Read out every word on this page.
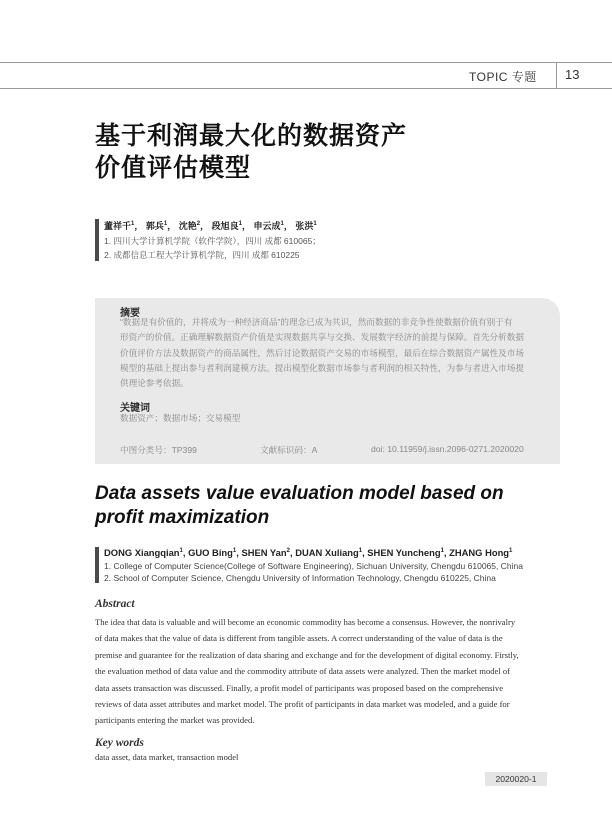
TOPIC 专题 13
基于利润最大化的数据资产
价值评估模型
董祥千$^1$， 郭兵$^1$， 沈艳$^2$， 段旭良$^1$， 申云成$^1$， 张洪$^1$
1. 四川大学计算机学院（软件学院），四川 成都 610065；
2. 成都信息工程大学计算机学院，四川 成都 610225
摘要
“数据是有价值的，并将成为一种经济商品”的理念已成为共识，然而数据的非竞争性使数据价值有别于有
形资产的价值。正确理解数据资产价值是实现数据共享与交换、发展数字经济的前提与保障。首先分析数据
价值评价方法及数据资产的商品属性，然后讨论数据资产交易的市场模型，最后在综合数据资产属性及市场
模型的基础上提出参与者利润建模方法。提出模型化数据市场参与者利润的相关特性，为参与者进入市场提
供理论参考依据。
关键词
数据资产；数据市场；交易模型
中图分类号：TP399	文献标识码：A	doi: 10.11959/j.issn.2096-0271.2020020
Data assets value evaluation model based on
profit maximization
DONG Xiangqian$^1$, GUO Bing$^1$, SHEN Yan$^2$, DUAN Xuliang$^1$, SHEN Yuncheng$^1$, ZHANG Hong$^1$
1. College of Computer Science(College of Software Engineering), Sichuan University, Chengdu 610065, China
2. School of Computer Science, Chengdu University of Information Technology, Chengdu 610225, China
Abstract
The idea that data is valuable and will become an economic commodity has become a consensus. However, the nonrivalry
of data makes that the value of data is different from tangible assets. A correct understanding of the value of data is the
premise and guarantee for the realization of data sharing and exchange and for the development of digital economy. Firstly,
the evaluation method of data value and the commodity attribute of data assets were analyzed. Then the market model of
data assets transaction was discussed. Finally, a profit model of participants was proposed based on the comprehensive
reviews of data asset attributes and market model. The profit of participants in data market was modeled, and a guide for
participants entering the market was provided.
Key words
data asset, data market, transaction model
2020020-1
